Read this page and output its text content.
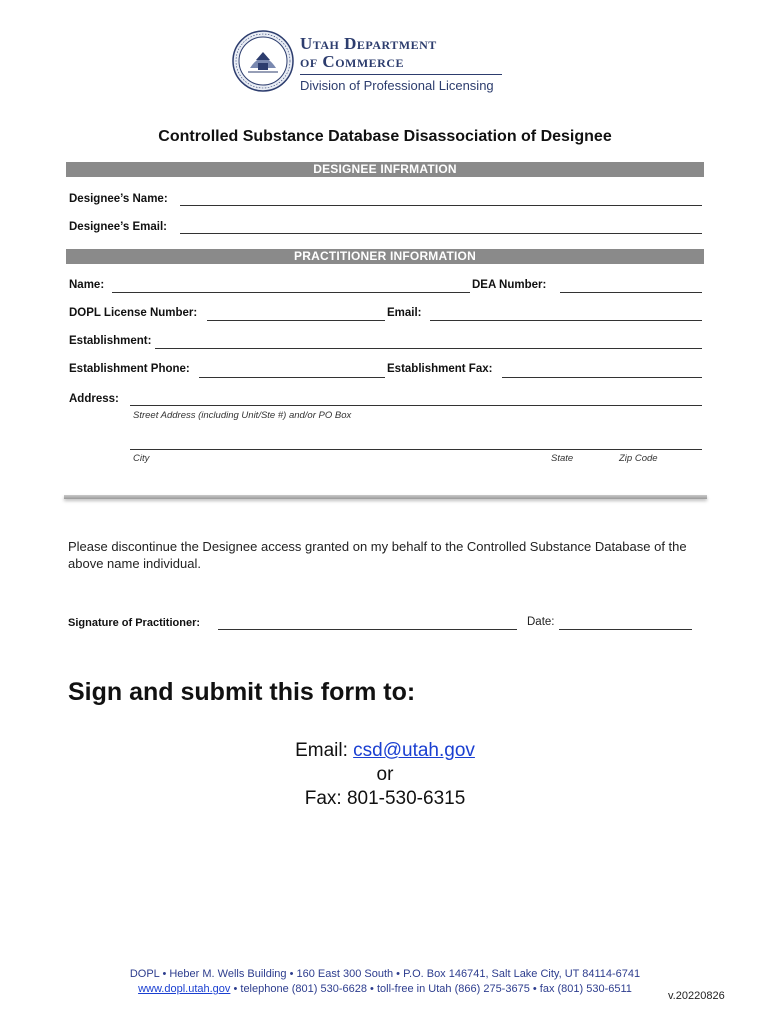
Utah Department
of Commerce
Division of Professional Licensing
Controlled Substance Database Disassociation of Designee
DESIGNEE INFRMATION
Designee’s Name:
Designee’s Email:
PRACTITIONER INFORMATION
Name:	DEA Number:
DOPL License Number:	Email:
Establishment:
Establishment Phone:	Establishment Fax:
Address:
Street Address (including Unit/Ste #) and/or PO Box
City	State	Zip Code
Please discontinue the Designee access granted on my behalf to the Controlled Substance Database of the above name individual.
Signature of Practitioner:	Date:
Sign and submit this form to:
Email: csd@utah.gov
or
Fax: 801-530-6315
DOPL • Heber M. Wells Building • 160 East 300 South • P.O. Box 146741, Salt Lake City, UT 84114-6741
www.dopl.utah.gov • telephone (801) 530-6628 • toll-free in Utah (866) 275-3675 • fax (801) 530-6511
v.20220826
